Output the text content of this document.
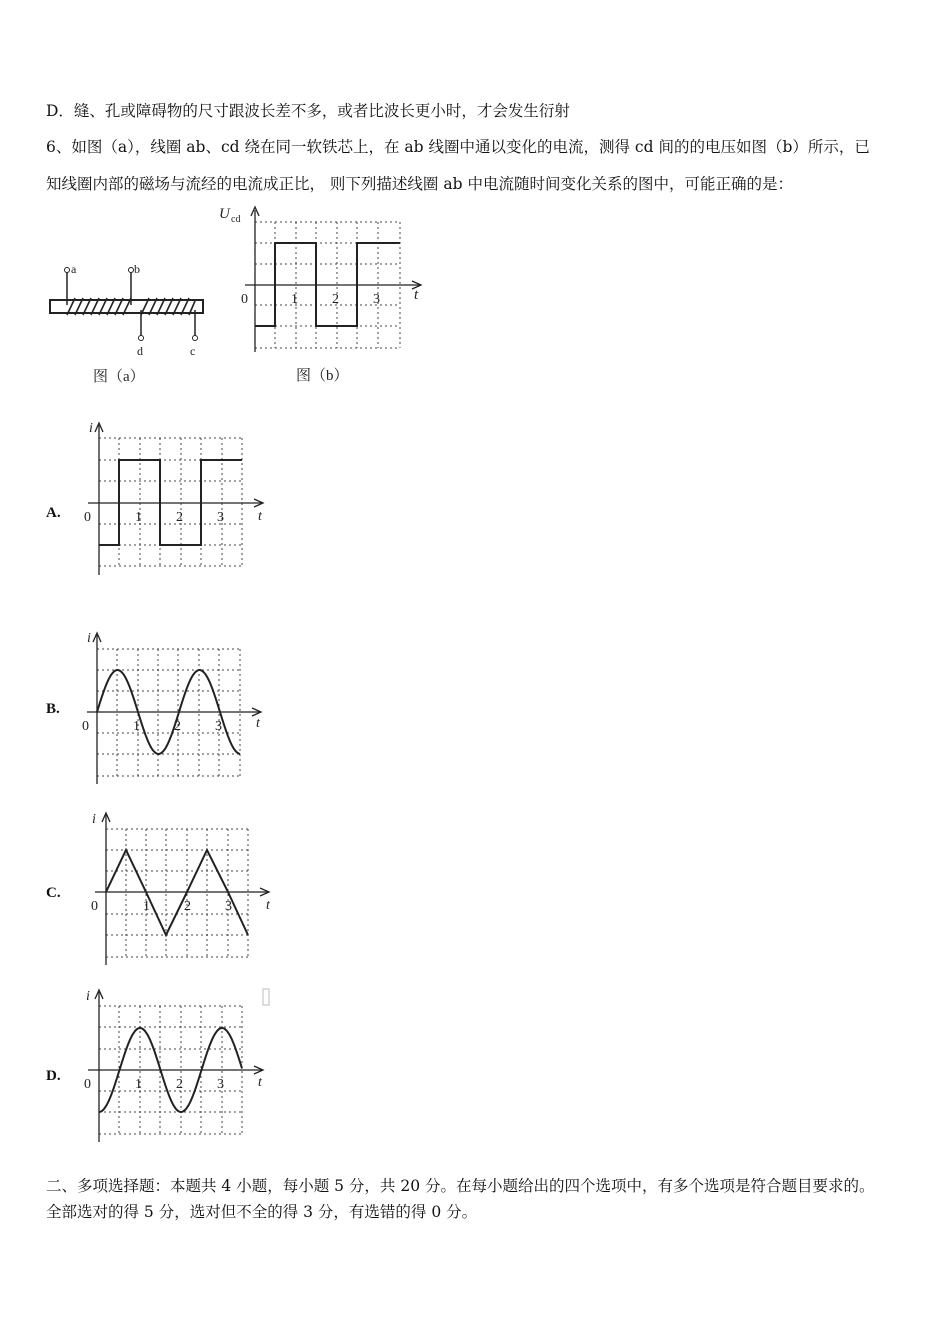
D．缝、孔或障碍物的尺寸跟波长差不多，或者比波长更小时，才会发生衍射
6、如图（a），线圈 ab、cd 绕在同一软铁芯上，在 ab 线圈中通以变化的电流，测得 cd 间的的电压如图（b）所示，已
知线圈内部的磁场与流经的电流成正比， 则下列描述线圈 ab 中电流随时间变化关系的图中，可能正确的是：
a	b
d	c
图（a）
U cd
t
0	1 2 3
图（b）
A.
B.
C.
D.
i
t
0	1 2 3
i
t
0	1 2 3
i
t
0	1 2 3
i
t
0	1 2 3
二、多项选择题：本题共 4 小题，每小题 5 分，共 20 分。在每小题给出的四个选项中，有多个选项是符合题目要求的。
全部选对的得 5 分，选对但不全的得 3 分，有选错的得 0 分。
